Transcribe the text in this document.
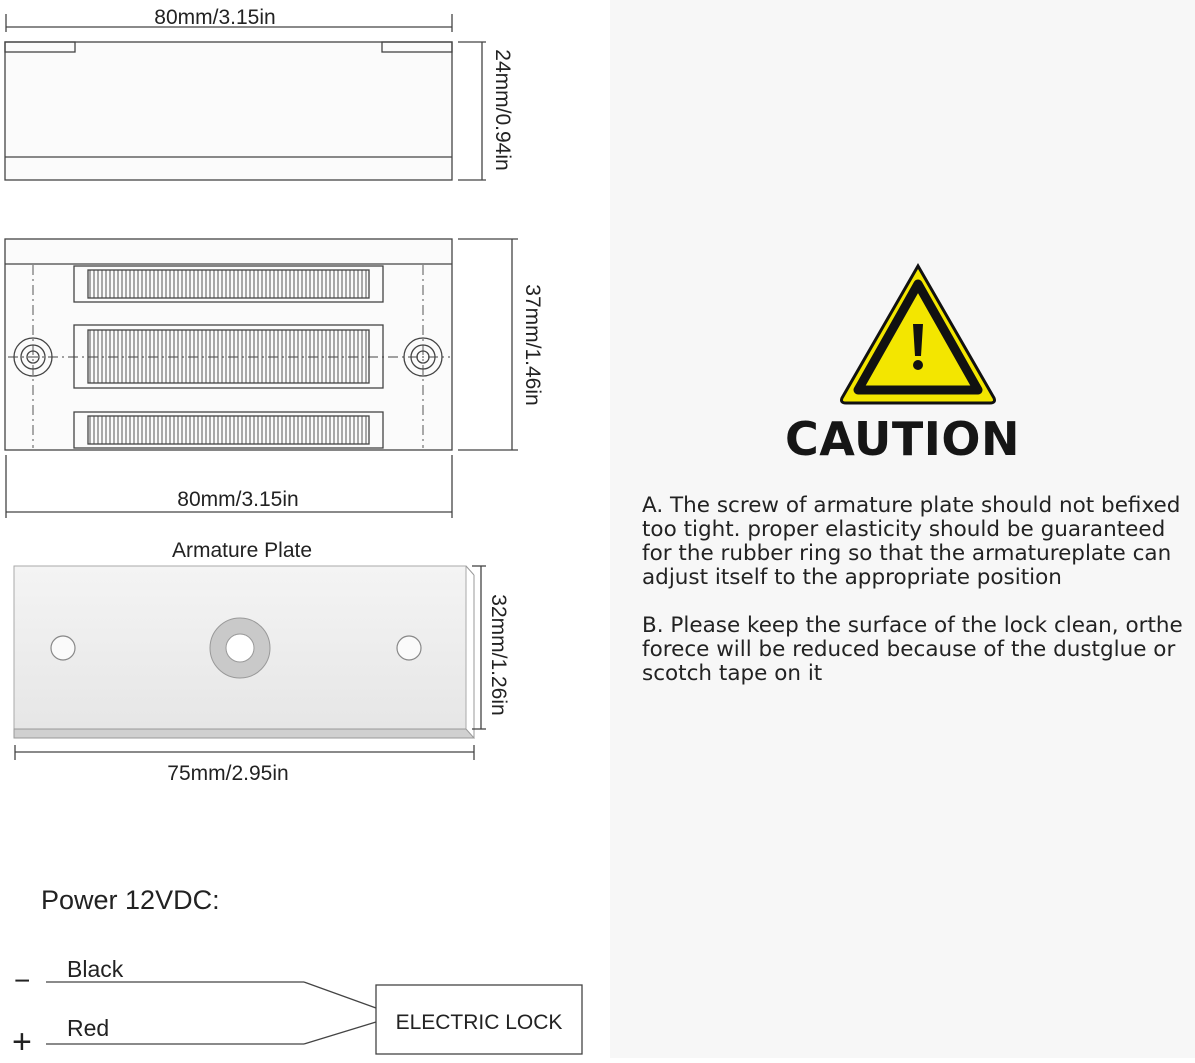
80mm/3.15in
24mm/0.94in
37mm/1.46in
80mm/3.15in
Armature Plate
32mm/1.26in
75mm/2.95in
Power 12VDC:
−
+
Black
Red	ELECTRIC LOCK
CAUTION

A. The screw of armature plate should not befixed too tight. proper elasticity should be guaranteed for the rubber ring so that the armatureplate can adjust itself to the appropriate position

B. Please keep the surface of the lock clean, orthe forece will be reduced because of the dustglue or scotch tape on it
